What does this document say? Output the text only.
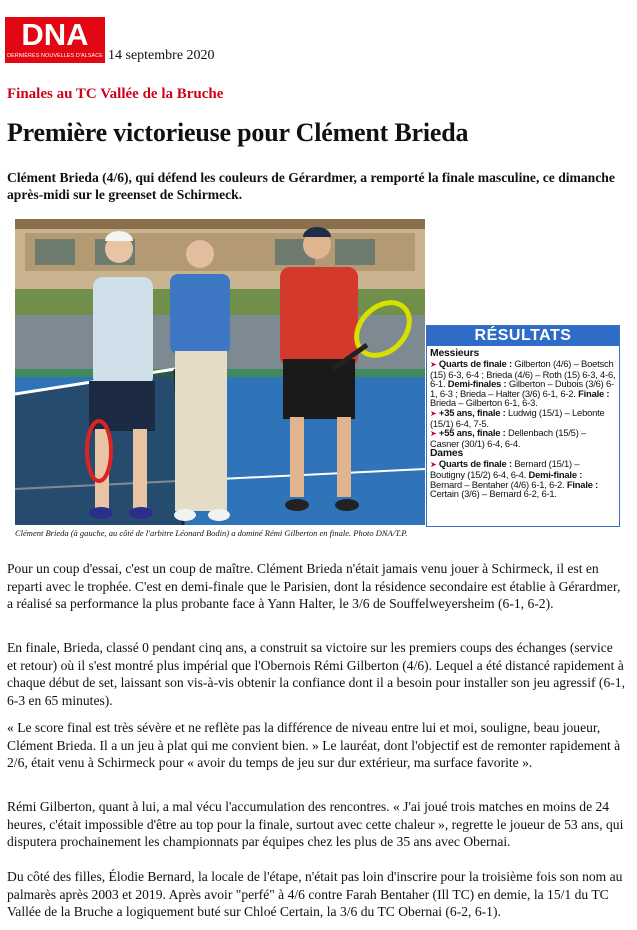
DNA
DERNIÈRES NOUVELLES D'ALSACE 14 septembre 2020
Finales au TC Vallée de la Bruche
Première victorieuse pour Clément Brieda
Clément Brieda (4/6), qui défend les couleurs de Gérardmer, a remporté la finale masculine, ce dimanche après-midi sur le greenset de Schirmeck.
Clément Brieda (à gauche, au côté de l'arbitre Léonard Bodin) a dominé Rémi Gilberton en finale. Photo DNA/T.P.
RÉSULTATS
Messieurs
➤ Quarts de finale : Gilberton (4/6) – Boetsch (15) 6-3, 6-4 ; Brieda (4/6) – Roth (15) 6-3, 4-6, 6-1. Demi-finales : Gilberton – Dubois (3/6) 6-1, 6-3 ; Brieda – Halter (3/6) 6-1, 6-2. Finale : Brieda – Gilberton 6-1, 6-3.
➤ +35 ans, finale : Ludwig (15/1) – Lebonte (15/1) 6-4, 7-5.
➤ +55 ans, finale : Dellenbach (15/5) – Casner (30/1) 6-4, 6-4.
Dames
➤ Quarts de finale : Bernard (15/1) – Boutigny (15/2) 6-4, 6-4. Demi-finale : Bernard – Bentaher (4/6) 6-1, 6-2. Finale : Certain (3/6) – Bernard 6-2, 6-1.
Pour un coup d'essai, c'est un coup de maître. Clément Brieda n'était jamais venu jouer à Schirmeck, il est en reparti avec le trophée. C'est en demi-finale que le Parisien, dont la résidence secondaire est établie à Gérardmer, a réalisé sa performance la plus probante face à Yann Halter, le 3/6 de Souffelweyersheim (6-1, 6-2).
En finale, Brieda, classé 0 pendant cinq ans, a construit sa victoire sur les premiers coups des échanges (service et retour) où il s'est montré plus impérial que l'Obernois Rémi Gilberton (4/6). Lequel a été distancé rapidement à chaque début de set, laissant son vis-à-vis obtenir la confiance dont il a besoin pour installer son jeu agressif (6-1, 6-3 en 65 minutes).
« Le score final est très sévère et ne reflète pas la différence de niveau entre lui et moi, souligne, beau joueur, Clément Brieda. Il a un jeu à plat qui me convient bien. » Le lauréat, dont l'objectif est de remonter rapidement à 2/6, était venu à Schirmeck pour « avoir du temps de jeu sur dur extérieur, ma surface favorite ».
Rémi Gilberton, quant à lui, a mal vécu l'accumulation des rencontres. « J'ai joué trois matches en moins de 24 heures, c'était impossible d'être au top pour la finale, surtout avec cette chaleur », regrette le joueur de 53 ans, qui disputera prochainement les championnats par équipes chez les plus de 35 ans avec Obernai.
Du côté des filles, Élodie Bernard, la locale de l'étape, n'était pas loin d'inscrire pour la troisième fois son nom au palmarès après 2003 et 2019. Après avoir "perfé" à 4/6 contre Farah Bentaher (Ill TC) en demie, la 15/1 du TC Vallée de la Bruche a logiquement buté sur Chloé Certain, la 3/6 du TC Obernai (6-2, 6-1).
